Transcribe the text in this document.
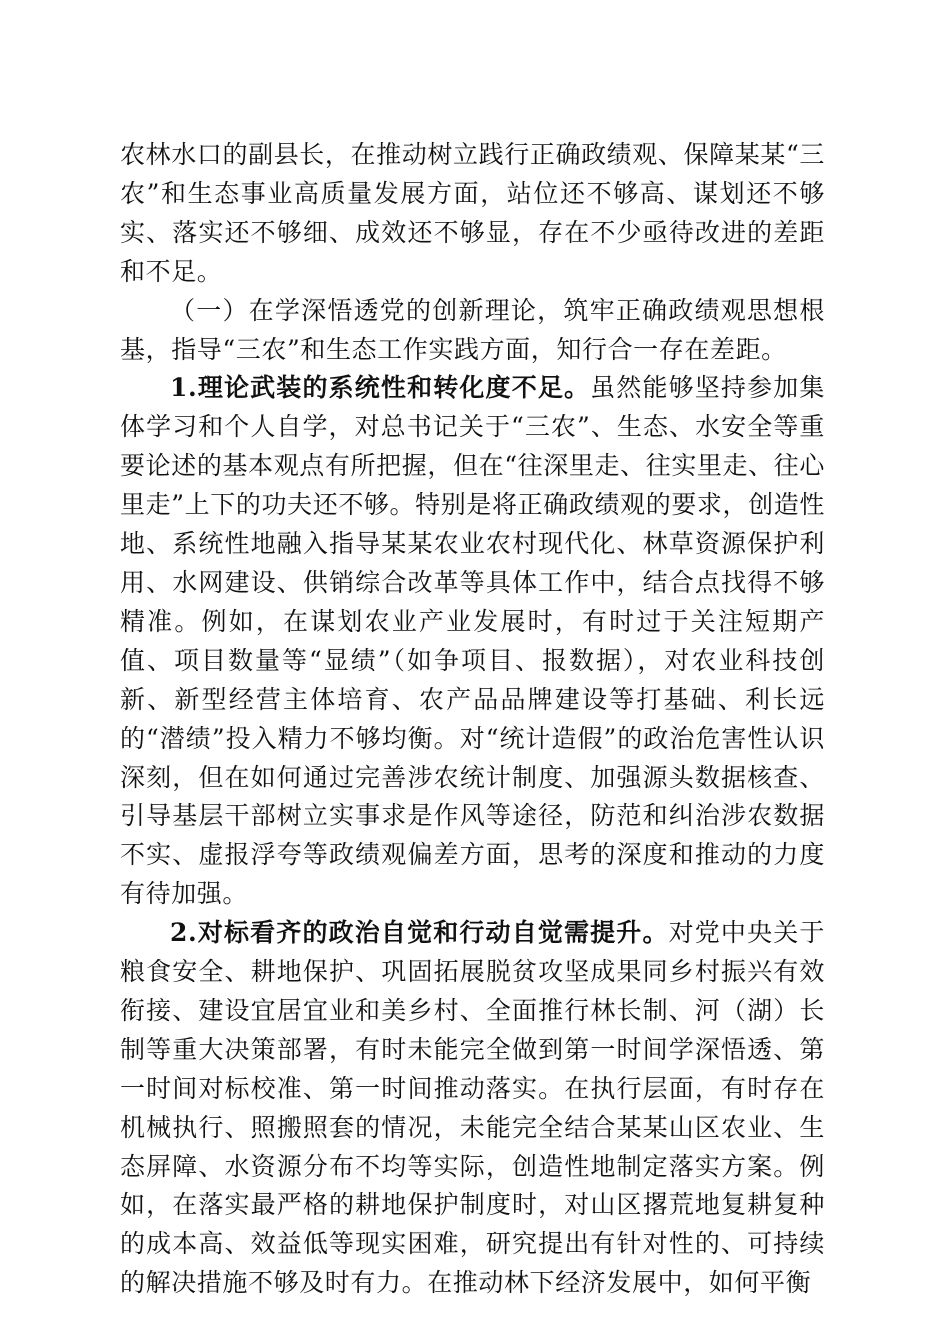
农林水口的副县长，在推动树立践行正确政绩观、保障某某“三农”和生态事业高质量发展方面，站位还不够高、谋划还不够实、落实还不够细、成效还不够显，存在不少亟待改进的差距和不足。

（一）在学深悟透党的创新理论，筑牢正确政绩观思想根基，指导“三农”和生态工作实践方面，知行合一存在差距。

1.理论武装的系统性和转化度不足。虽然能够坚持参加集体学习和个人自学，对总书记关于“三农”、生态、水安全等重要论述的基本观点有所把握，但在“往深里走、往实里走、往心里走”上下的功夫还不够。特别是将正确政绩观的要求，创造性地、系统性地融入指导某某农业农村现代化、林草资源保护利用、水网建设、供销综合改革等具体工作中，结合点找得不够精准。例如，在谋划农业产业发展时，有时过于关注短期产值、项目数量等“显绩”（如争项目、报数据），对农业科技创新、新型经营主体培育、农产品品牌建设等打基础、利长远的“潜绩”投入精力不够均衡。对“统计造假”的政治危害性认识深刻，但在如何通过完善涉农统计制度、加强源头数据核查、引导基层干部树立实事求是作风等途径，防范和纠治涉农数据不实、虚报浮夸等政绩观偏差方面，思考的深度和推动的力度有待加强。

2.对标看齐的政治自觉和行动自觉需提升。对党中央关于粮食安全、耕地保护、巩固拓展脱贫攻坚成果同乡村振兴有效衔接、建设宜居宜业和美乡村、全面推行林长制、河（湖）长制等重大决策部署，有时未能完全做到第一时间学深悟透、第一时间对标校准、第一时间推动落实。在执行层面，有时存在机械执行、照搬照套的情况，未能完全结合某某山区农业、生态屏障、水资源分布不均等实际，创造性地制定落实方案。例如，在落实最严格的耕地保护制度时，对山区撂荒地复耕复种的成本高、效益低等现实困难，研究提出有针对性的、可持续的解决措施不够及时有力。在推动林下经济发展中，如何平衡
